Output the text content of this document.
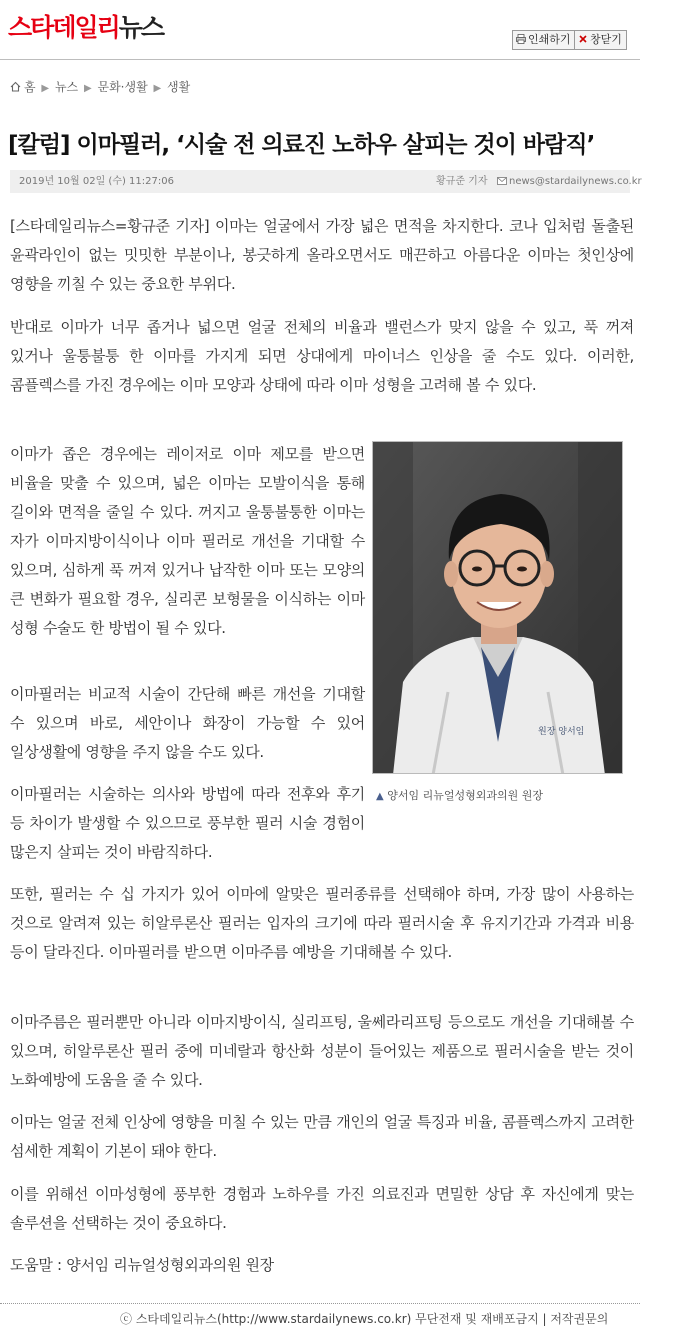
스타데일리뉴스	인쇄하기	창닫기
홈 ▶ 뉴스 ▶ 문화·생활 ▶ 생활
[칼럼] 이마필러, ‘시술 전 의료진 노하우 살피는 것이 바람직’
2019년 10월 02일 (수) 11:27:06	황규준 기자 news@stardailynews.co.kr

[스타데일리뉴스=황규준 기자] 이마는 얼굴에서 가장 넓은 면적을 차지한다. 코나 입처럼 돌출된 윤곽라인이 없는 밋밋한 부분이나, 봉긋하게 올라오면서도 매끈하고 아름다운 이마는 첫인상에 영향을 끼칠 수 있는 중요한 부위다.

반대로 이마가 너무 좁거나 넓으면 얼굴 전체의 비율과 밸런스가 맞지 않을 수 있고, 푹 꺼져 있거나 울퉁불퉁 한 이마를 가지게 되면 상대에게 마이너스 인상을 줄 수도 있다. 이러한, 콤플렉스를 가진 경우에는 이마 모양과 상태에 따라 이마 성형을 고려해 볼 수 있다.

이마가 좁은 경우에는 레이저로 이마 제모를 받으면 비율을 맞출 수 있으며, 넓은 이마는 모발이식을 통해 길이와 면적을 줄일 수 있다. 꺼지고 울퉁불퉁한 이마는 자가 이마지방이식이나 이마 필러로 개선을 기대할 수 있으며, 심하게 푹 꺼져 있거나 납작한 이마 또는 모양의 큰 변화가 필요할 경우, 실리콘 보형물을 이식하는 이마 성형 수술도 한 방법이 될 수 있다.

이마필러는 비교적 시술이 간단해 빠른 개선을 기대할 수 있으며 바로, 세안이나 화장이 가능할 수 있어 일상생활에 영향을 주지 않을 수도 있다.

이마필러는 시술하는 의사와 방법에 따라 전후와 후기 등 차이가 발생할 수 있으므로 풍부한 필러 시술 경험이 많은지 살피는 것이 바람직하다.

또한, 필러는 수 십 가지가 있어 이마에 알맞은 필러종류를 선택해야 하며, 가장 많이 사용하는 것으로 알려져 있는 히알루론산 필러는 입자의 크기에 따라 필러시술 후 유지기간과 가격과 비용 등이 달라진다. 이마필러를 받으면 이마주름 예방을 기대해볼 수 있다.

이마주름은 필러뿐만 아니라 이마지방이식, 실리프팅, 울쎄라리프팅 등으로도 개선을 기대해볼 수 있으며, 히알루론산 필러 중에 미네랄과 항산화 성분이 들어있는 제품으로 필러시술을 받는 것이 노화예방에 도움을 줄 수 있다.

이마는 얼굴 전체 인상에 영향을 미칠 수 있는 만큼 개인의 얼굴 특징과 비율, 콤플렉스까지 고려한 섬세한 계획이 기본이 돼야 한다.

이를 위해선 이마성형에 풍부한 경험과 노하우를 가진 의료진과 면밀한 상담 후 자신에게 맞는 솔루션을 선택하는 것이 중요하다.

도움말 : 양서임 리뉴얼성형외과의원 원장

원장 양서임
▲ 양서임 리뉴얼성형외과의원 원장
ⓒ 스타데일리뉴스(http://www.stardailynews.co.kr) 무단전재 및 재배포금지 | 저작권문의
